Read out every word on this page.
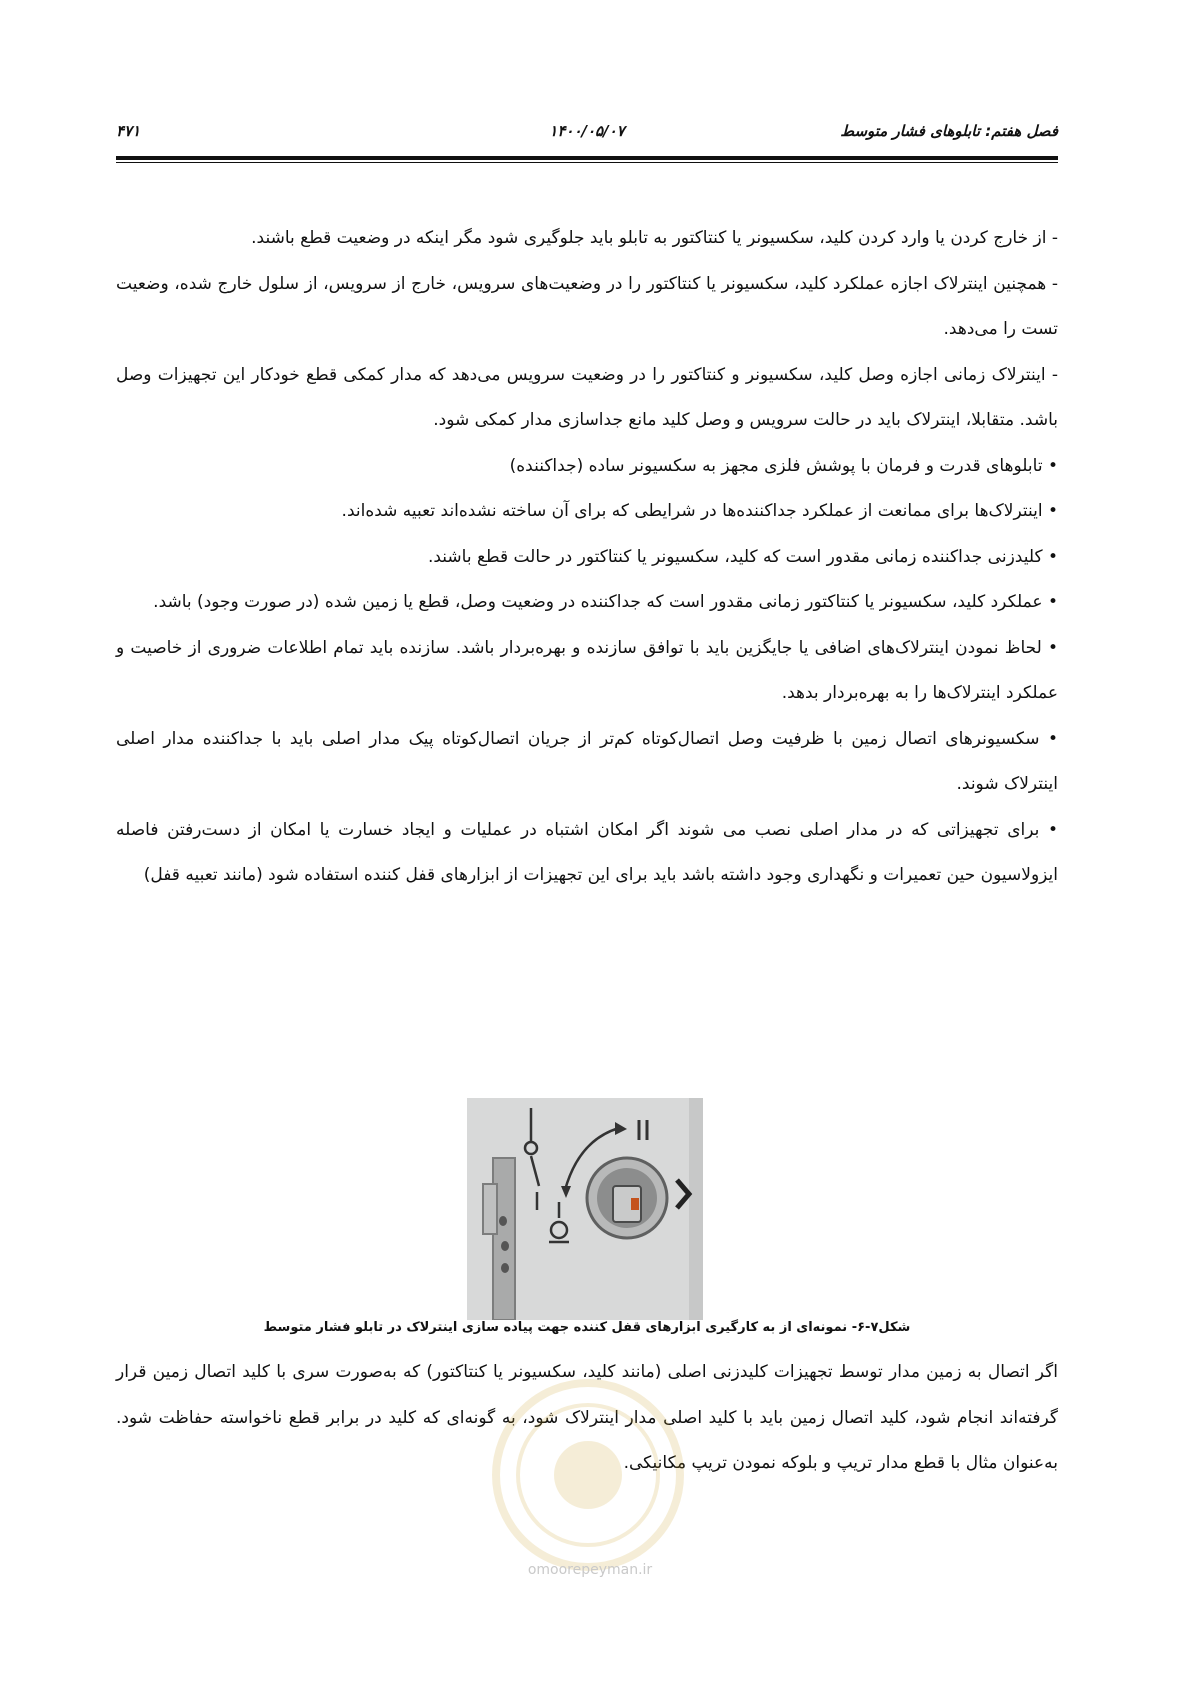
فصل هفتم: تابلوهای فشار متوسط
۱۴۰۰/۰۵/۰۷
۴۷۱

- از خارج کردن یا وارد کردن کلید، سکسیونر یا کنتاکتور به تابلو باید جلوگیری شود مگر اینکه در وضعیت قطع باشند.

- همچنین اینترلاک اجازه عملکرد کلید، سکسیونر یا کنتاکتور را در وضعیت‌های سرویس، خارج از سرویس، از سلول خارج شده، وضعیت تست را می‌دهد.

- اینترلاک زمانی اجازه وصل کلید، سکسیونر و کنتاکتور را در وضعیت سرویس می‌دهد که مدار کمکی قطع خودکار این تجهیزات وصل باشد. متقابلا، اینترلاک باید در حالت سرویس و وصل کلید مانع جداسازی مدار کمکی شود.

• تابلوهای قدرت و فرمان با پوشش فلزی مجهز به سکسیونر ساده (جداکننده)

• اینترلاک‌ها برای ممانعت از عملکرد جداکننده‌ها در شرایطی که برای آن ساخته نشده‌اند تعبیه شده‌اند.

• کلیدزنی جداکننده زمانی مقدور است که کلید، سکسیونر یا کنتاکتور در حالت قطع باشند.

• عملکرد کلید، سکسیونر یا کنتاکتور زمانی مقدور است که جداکننده در وضعیت وصل، قطع یا زمین شده (در صورت وجود) باشد.

• لحاظ نمودن اینترلاک‌های اضافی یا جایگزین باید با توافق سازنده و بهره‌بردار باشد. سازنده باید تمام اطلاعات ضروری از خاصیت و عملکرد اینترلاک‌ها را به بهره‌بردار بدهد.

• سکسیونرهای اتصال زمین با ظرفیت وصل اتصال‌کوتاه کم‌تر از جریان اتصال‌کوتاه پیک مدار اصلی باید با جداکننده مدار اصلی اینترلاک شوند.

• برای تجهیزاتی که در مدار اصلی نصب می شوند اگر امکان اشتباه در عملیات و ایجاد خسارت یا امکان از دست‌رفتن فاصله ایزولاسیون حین تعمیرات و نگهداری وجود داشته باشد باید برای این تجهیزات از ابزارهای قفل کننده استفاده شود (مانند تعبیه قفل)

شکل۷-۶- نمونه‌ای از به کارگیری ابزارهای قفل کننده جهت پیاده سازی اینترلاک در تابلو فشار متوسط

اگر اتصال به زمین مدار توسط تجهیزات کلیدزنی اصلی (مانند کلید، سکسیونر یا کنتاکتور) که به‌صورت سری با کلید اتصال زمین قرار گرفته‌اند انجام شود، کلید اتصال زمین باید با کلید اصلی مدار اینترلاک شود، به گونه‌ای که کلید در برابر قطع ناخواسته حفاظت شود. به‌عنوان مثال با قطع مدار تریپ و بلوکه نمودن تریپ مکانیکی.

omoorepeyman.ir
